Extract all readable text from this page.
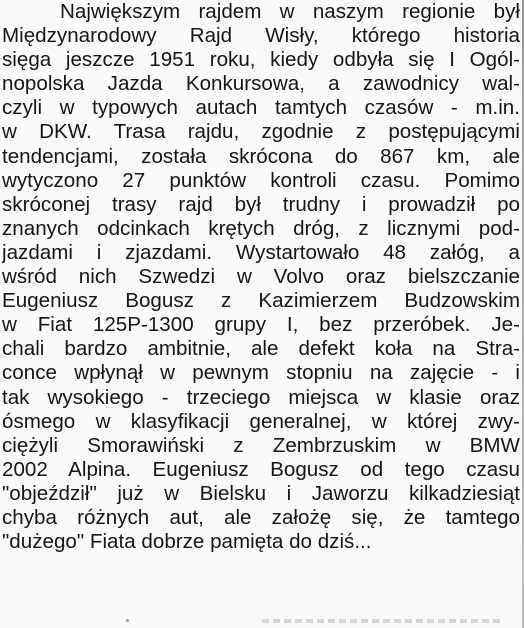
Największym rajdem w naszym regionie był
Międzynarodowy Rajd Wisły, którego historia
sięga jeszcze 1951 roku, kiedy odbyła się I Ogól-
nopolska Jazda Konkursowa, a zawodnicy wal-
czyli w typowych autach tamtych czasów - m.in.
w DKW. Trasa rajdu, zgodnie z postępującymi
tendencjami, została skrócona do 867 km, ale
wytyczono 27 punktów kontroli czasu. Pomimo
skróconej trasy rajd był trudny i prowadził po
znanych odcinkach krętych dróg, z licznymi pod-
jazdami i zjazdami. Wystartowało 48 załóg, a
wśród nich Szwedzi w Volvo oraz bielszczanie
Eugeniusz Bogusz z Kazimierzem Budzowskim
w Fiat 125P-1300 grupy I, bez przeróbek. Je-
chali bardzo ambitnie, ale defekt koła na Stra-
conce wpłynął w pewnym stopniu na zajęcie - i
tak wysokiego - trzeciego miejsca w klasie oraz
ósmego w klasyfikacji generalnej, w której zwy-
ciężyli Smorawiński z Zembrzuskim w BMW
2002 Alpina. Eugeniusz Bogusz od tego czasu
"objeździł" już w Bielsku i Jaworzu kilkadziesiąt
chyba różnych aut, ale założę się, że tamtego
"dużego" Fiata dobrze pamięta do dziś...
